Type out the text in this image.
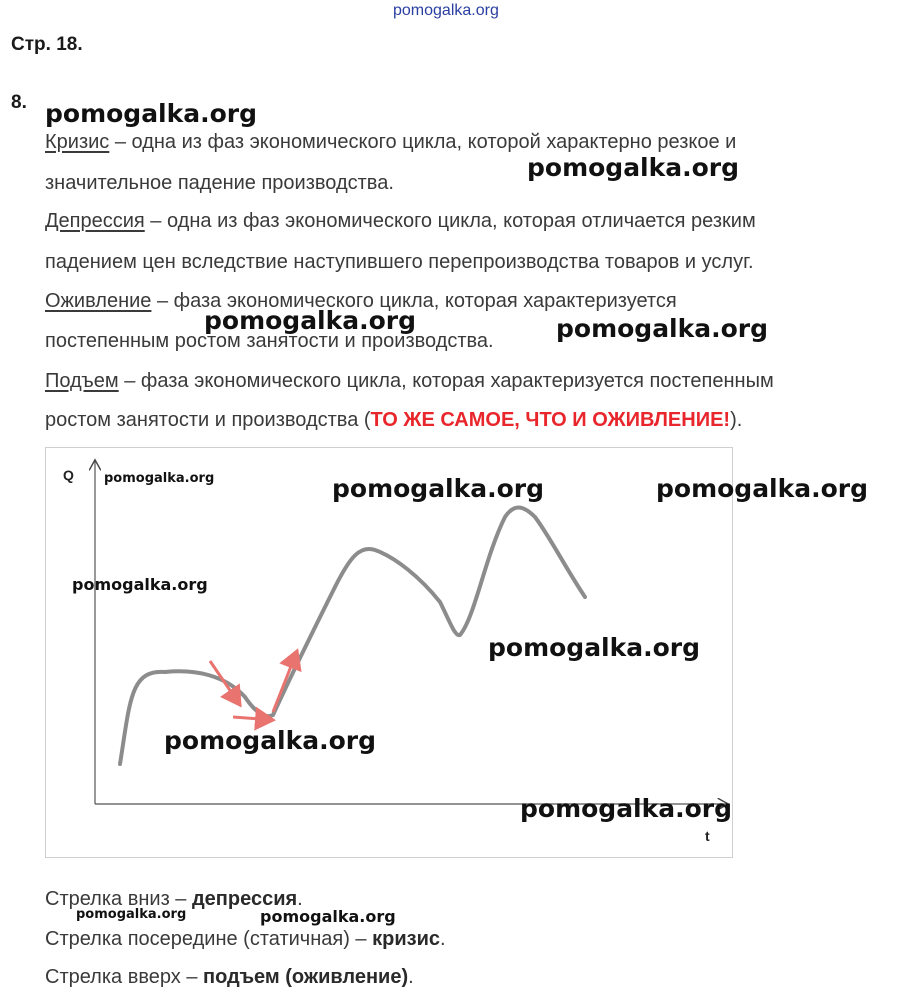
pomogalka.org
Стр. 18.
8.
Кризис – одна из фаз экономического цикла, которой характерно резкое и
значительное падение производства.
Депрессия – одна из фаз экономического цикла, которая отличается резким
падением цен вследствие наступившего перепроизводства товаров и услуг.
Оживление – фаза экономического цикла, которая характеризуется
постепенным ростом занятости и производства.
Подъем – фаза экономического цикла, которая характеризуется постепенным
ростом занятости и производства (ТО ЖЕ САМОЕ, ЧТО И ОЖИВЛЕНИЕ!).
Q
t
Стрелка вниз – депрессия.
Стрелка посередине (статичная) – кризис.
Стрелка вверх – подъем (оживление).
pomogalka.org
pomogalka.org
pomogalka.org	pomogalka.org
pomogalka.org	pomogalka.org	pomogalka.org
pomogalka.org
pomogalka.org
pomogalka.org
pomogalka.org
pomogalka.org	pomogalka.org
